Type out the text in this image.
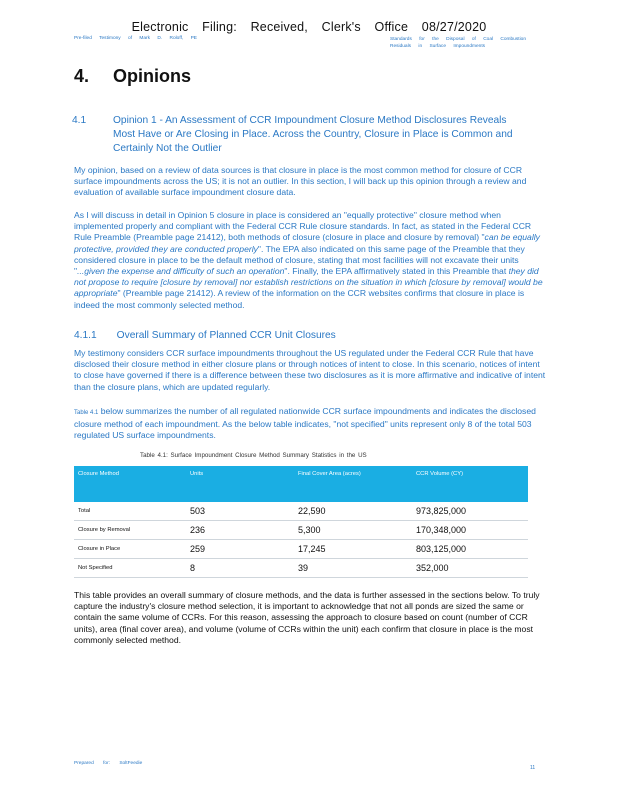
Electronic Filing: Received, Clerk's Office 08/27/2020
Pre-filed Testimony of Mark D. Roloff, PE	Standards for the Disposal of Coal Combustion Residuals in Surface Impoundments
4. Opinions
4.1	Opinion 1 - An Assessment of CCR Impoundment Closure Method Disclosures Reveals Most Have or Are Closing in Place. Across the Country, Closure in Place is Common and Certainly Not the Outlier
My opinion, based on a review of data sources is that closure in place is the most common method for closure of CCR surface impoundments across the US; it is not an outlier. In this section, I will back up this opinion through a review and evaluation of available surface impoundment closure data.
As I will discuss in detail in Opinion 5 closure in place is considered an "equally protective" closure method when implemented properly and compliant with the Federal CCR Rule closure standards. In fact, as stated in the Federal CCR Rule Preamble (Preamble page 21412), both methods of closure (closure in place and closure by removal) "can be equally protective, provided they are conducted properly". The EPA also indicated on this same page of the Preamble that they considered closure in place to be the default method of closure, stating that most facilities will not excavate their units "...given the expense and difficulty of such an operation". Finally, the EPA affirmatively stated in this Preamble that they did not propose to require [closure by removal] nor establish restrictions on the situation in which [closure by removal] would be appropriate" (Preamble page 21412). A review of the information on the CCR websites confirms that closure in place is indeed the most commonly selected method.
4.1.1 Overall Summary of Planned CCR Unit Closures
My testimony considers CCR surface impoundments throughout the US regulated under the Federal CCR Rule that have disclosed their closure method in either closure plans or through notices of intent to close. In this scenario, notices of intent to close have governed if there is a difference between these two disclosures as it is more affirmative and indicative of intent than the closure plans, which are updated regularly.
Table 4.1 below summarizes the number of all regulated nationwide CCR surface impoundments and indicates the disclosed closure method of each impoundment. As the below table indicates, "not specified" units represent only 8 of the total 503 regulated US surface impoundments.
Table 4.1: Surface Impoundment Closure Method Summary Statistics in the US
Closure Method	Units	Final Cover Area (acres)	CCR Volume (CY)
Total	503	22,590	973,825,000
Closure by Removal	236	5,300	170,348,000
Closure in Place	259	17,245	803,125,000
Not Specified	8	39	352,000
This table provides an overall summary of closure methods, and the data is further assessed in the sections below. To truly capture the industry's closure method selection, it is important to acknowledge that not all ponds are sized the same or contain the same volume of CCRs. For this reason, assessing the approach to closure based on count (number of CCR units), area (final cover area), and volume (volume of CCRs within the unit) each confirm that closure in place is the most commonly selected method.
Prepared for: SoltFeedie
11
